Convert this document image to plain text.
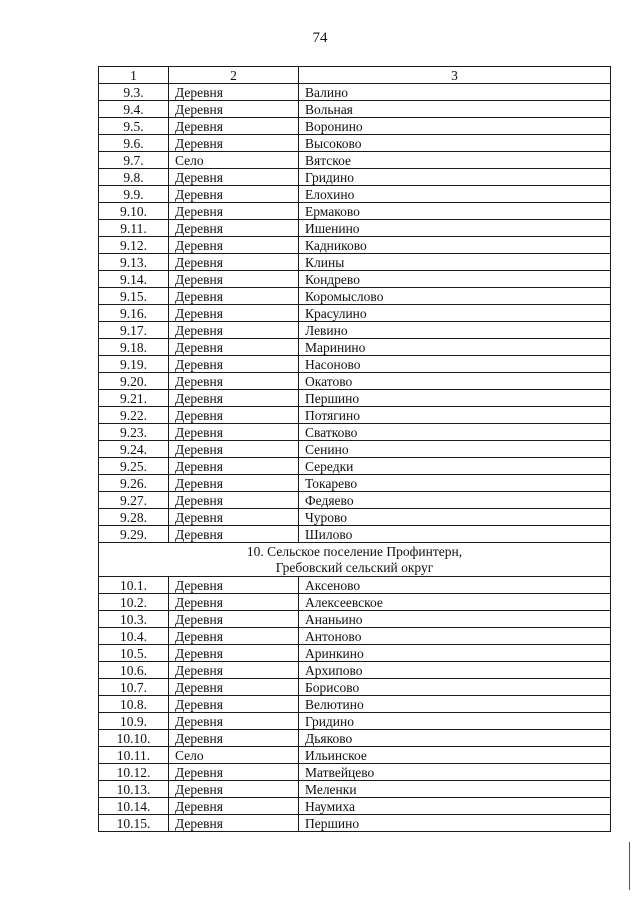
74
1	2	3
9.3.	Деревня	Валино
9.4.	Деревня	Вольная
9.5.	Деревня	Воронино
9.6.	Деревня	Высоково
9.7.	Село	Вятское
9.8.	Деревня	Гридино
9.9.	Деревня	Елохино
9.10.	Деревня	Ермаково
9.11.	Деревня	Ишенино
9.12.	Деревня	Кадниково
9.13.	Деревня	Клины
9.14.	Деревня	Кондрево
9.15.	Деревня	Коромыслово
9.16.	Деревня	Красулино
9.17.	Деревня	Левино
9.18.	Деревня	Маринино
9.19.	Деревня	Насоново
9.20.	Деревня	Окатово
9.21.	Деревня	Першино
9.22.	Деревня	Потягино
9.23.	Деревня	Сватково
9.24.	Деревня	Сенино
9.25.	Деревня	Середки
9.26.	Деревня	Токарево
9.27.	Деревня	Федяево
9.28.	Деревня	Чурово
9.29.	Деревня	Шилово

10. Сельское поселение Профинтерн,
Гребовский сельский округ		

10.1.	Деревня	Аксеново
10.2.	Деревня	Алексеевское
10.3.	Деревня	Ананьино
10.4.	Деревня	Антоново
10.5.	Деревня	Аринкино
10.6.	Деревня	Архипово
10.7.	Деревня	Борисово
10.8.	Деревня	Велютино
10.9.	Деревня	Гридино
10.10.	Деревня	Дьяково
10.11.	Село	Ильинское
10.12.	Деревня	Матвейцево
10.13.	Деревня	Меленки
10.14.	Деревня	Наумиха
10.15.	Деревня	Першино
